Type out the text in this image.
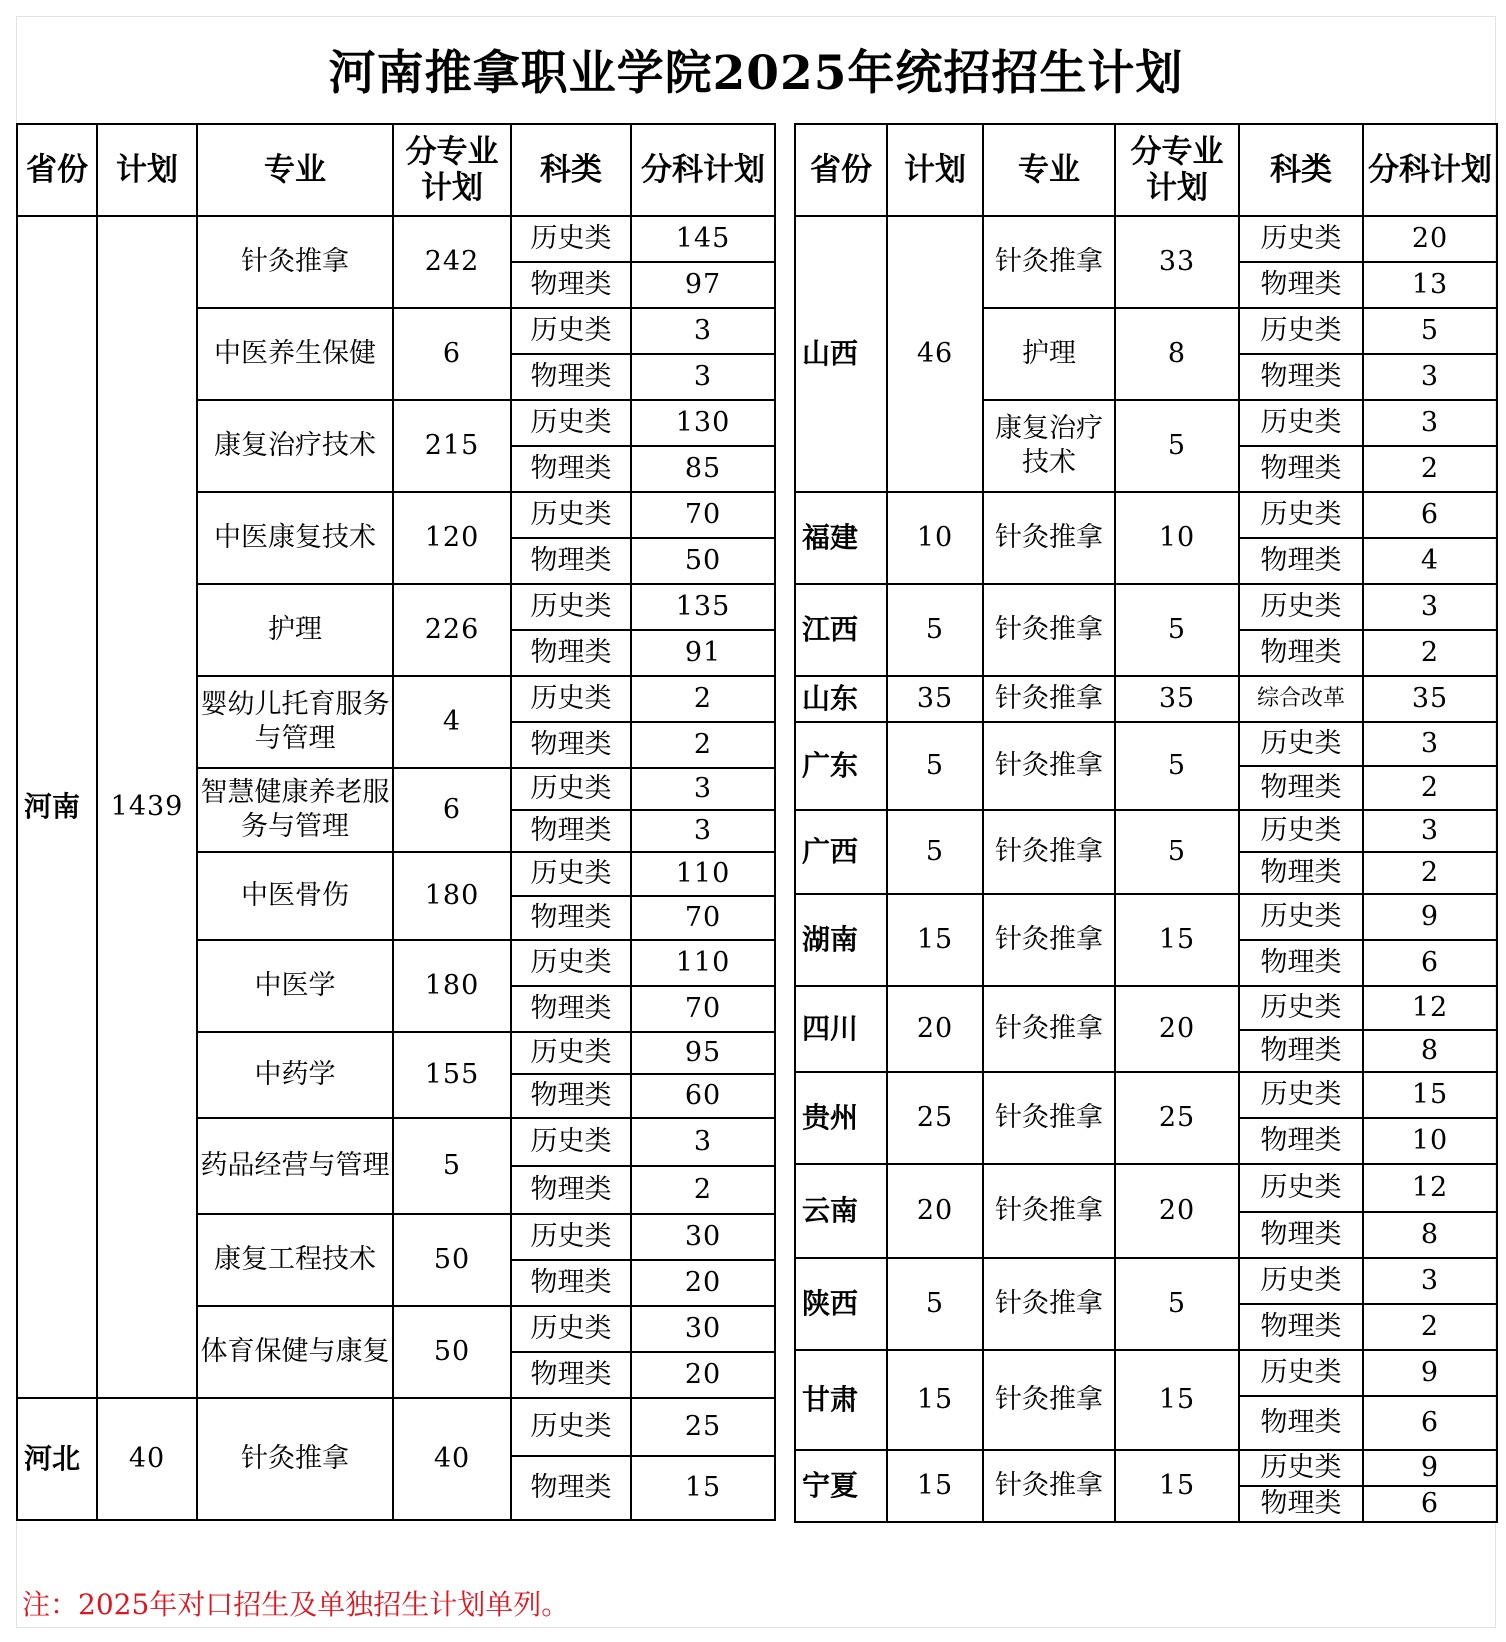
河南推拿职业学院2025年统招招生计划
省份	计划	专业	分专业计划	科类	分科计划
河南	1439	针灸推拿	242	历史类	145
				物理类	97
		中医养生保健	6	历史类	3
				物理类	3
		康复治疗技术	215	历史类	130
				物理类	85
		中医康复技术	120	历史类	70
				物理类	50
		护理	226	历史类	135
				物理类	91
		婴幼儿托育服务与管理	4	历史类	2
				物理类	2
		智慧健康养老服务与管理	6	历史类	3
				物理类	3
		中医骨伤	180	历史类	110
				物理类	70
		中医学	180	历史类	110
				物理类	70
		中药学	155	历史类	95
				物理类	60
		药品经营与管理	5	历史类	3
				物理类	2
		康复工程技术	50	历史类	30
				物理类	20
		体育保健与康复	50	历史类	30
				物理类	20
河北	40	针灸推拿	40	历史类	25
				物理类	15
省份	计划	专业	分专业计划	科类	分科计划
山西	46	针灸推拿	33	历史类	20
				物理类	13
		护理	8	历史类	5
				物理类	3
		康复治疗技术	5	历史类	3
				物理类	2
福建	10	针灸推拿	10	历史类	6
				物理类	4
江西	5	针灸推拿	5	历史类	3
				物理类	2
山东	35	针灸推拿	35	综合改革	35
广东	5	针灸推拿	5	历史类	3
				物理类	2
广西	5	针灸推拿	5	历史类	3
				物理类	2
湖南	15	针灸推拿	15	历史类	9
				物理类	6
四川	20	针灸推拿	20	历史类	12
				物理类	8
贵州	25	针灸推拿	25	历史类	15
				物理类	10
云南	20	针灸推拿	20	历史类	12
				物理类	8
陕西	5	针灸推拿	5	历史类	3
				物理类	2
甘肃	15	针灸推拿	15	历史类	9
				物理类	6
宁夏	15	针灸推拿	15	历史类	9
				物理类	6
注：2025年对口招生及单独招生计划单列。
